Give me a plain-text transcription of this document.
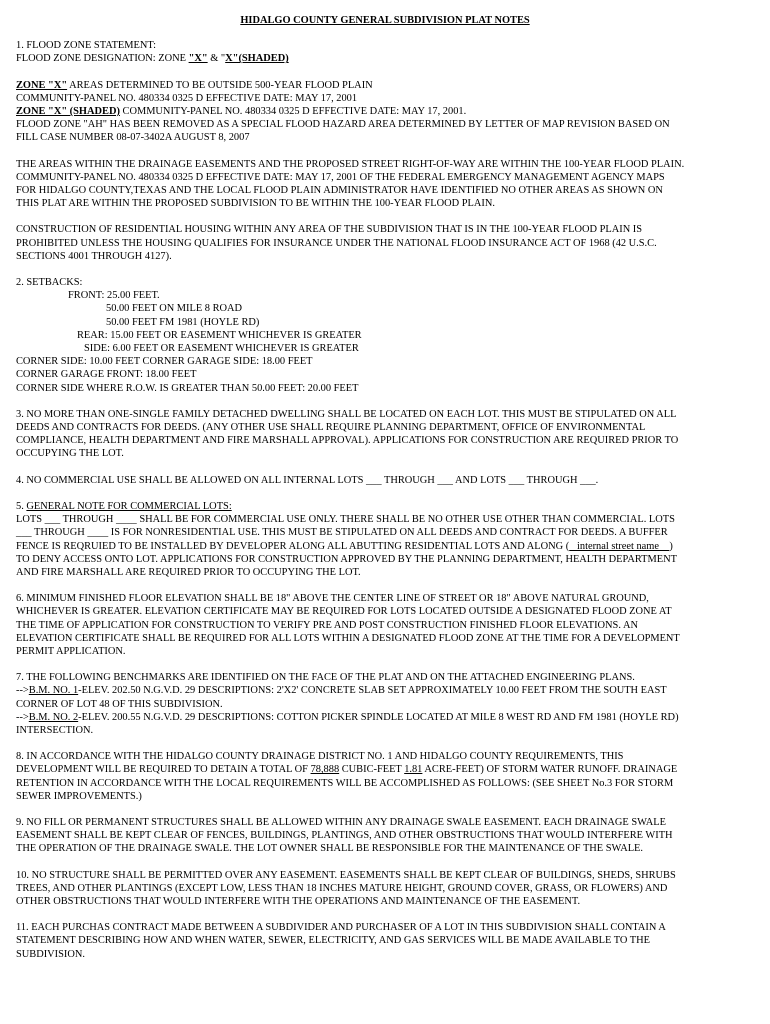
HIDALGO COUNTY GENERAL SUBDIVISION PLAT NOTES
1. FLOOD ZONE STATEMENT:
FLOOD ZONE DESIGNATION: ZONE "X" & "X"(SHADED)
ZONE "X" AREAS DETERMINED TO BE OUTSIDE 500-YEAR FLOOD PLAIN
COMMUNITY-PANEL NO. 480334 0325 D EFFECTIVE DATE: MAY 17, 2001
ZONE "X" (SHADED) COMMUNITY-PANEL NO. 480334 0325 D EFFECTIVE DATE: MAY 17, 2001.
FLOOD ZONE "AH" HAS BEEN REMOVED AS A SPECIAL FLOOD HAZARD AREA DETERMINED BY LETTER OF MAP REVISION BASED ON
FILL CASE NUMBER 08-07-3402A AUGUST 8, 2007
THE AREAS WITHIN THE DRAINAGE EASEMENTS AND THE PROPOSED STREET RIGHT-OF-WAY ARE WITHIN THE 100-YEAR FLOOD PLAIN.
COMMUNITY-PANEL NO. 480334 0325 D EFFECTIVE DATE: MAY 17, 2001 OF THE FEDERAL EMERGENCY MANAGEMENT AGENCY MAPS
FOR HIDALGO COUNTY,TEXAS AND THE LOCAL FLOOD PLAIN ADMINISTRATOR HAVE IDENTIFIED NO OTHER AREAS AS SHOWN ON
THIS PLAT ARE WITHIN THE PROPOSED SUBDIVISION TO BE WITHIN THE 100-YEAR FLOOD PLAIN.
CONSTRUCTION OF RESIDENTIAL HOUSING WITHIN ANY AREA OF THE SUBDIVISION THAT IS IN THE 100-YEAR FLOOD PLAIN IS
PROHIBITED UNLESS THE HOUSING QUALIFIES FOR INSURANCE UNDER THE NATIONAL FLOOD INSURANCE ACT OF 1968 (42 U.S.C.
SECTIONS 4001 THROUGH 4127).
2. SETBACKS:
FRONT: 25.00 FEET.
50.00 FEET ON MILE 8 ROAD
50.00 FEET FM 1981 (HOYLE RD)
REAR: 15.00 FEET OR EASEMENT WHICHEVER IS GREATER
SIDE: 6.00 FEET OR EASEMENT WHICHEVER IS GREATER
CORNER SIDE: 10.00 FEET CORNER GARAGE SIDE: 18.00 FEET
CORNER GARAGE FRONT: 18.00 FEET
CORNER SIDE WHERE R.O.W. IS GREATER THAN 50.00 FEET: 20.00 FEET
3. NO MORE THAN ONE-SINGLE FAMILY DETACHED DWELLING SHALL BE LOCATED ON EACH LOT. THIS MUST BE STIPULATED ON ALL
DEEDS AND CONTRACTS FOR DEEDS. (ANY OTHER USE SHALL REQUIRE PLANNING DEPARTMENT, OFFICE OF ENVIRONMENTAL
COMPLIANCE, HEALTH DEPARTMENT AND FIRE MARSHALL APPROVAL). APPLICATIONS FOR CONSTRUCTION ARE REQUIRED PRIOR TO
OCCUPYING THE LOT.
4. NO COMMERCIAL USE SHALL BE ALLOWED ON ALL INTERNAL LOTS ___ THROUGH ___ AND LOTS ___ THROUGH ___.
5. GENERAL NOTE FOR COMMERCIAL LOTS:
LOTS ___ THROUGH ____ SHALL BE FOR COMMERCIAL USE ONLY. THERE SHALL BE NO OTHER USE OTHER THAN COMMERCIAL. LOTS
___ THROUGH ____ IS FOR NONRESIDENTIAL USE. THIS MUST BE STIPULATED ON ALL DEEDS AND CONTRACT FOR DEEDS. A BUFFER
FENCE IS REQRUIED TO BE INSTALLED BY DEVELOPER ALONG ALL ABUTTING RESIDENTIAL LOTS AND ALONG (   internal street name    )
TO DENY ACCESS ONTO LOT. APPLICATIONS FOR CONSTRUCTION APPROVED BY THE PLANNING DEPARTMENT, HEALTH DEPARTMENT
AND FIRE MARSHALL ARE REQUIRED PRIOR TO OCCUPYING THE LOT.
6. MINIMUM FINISHED FLOOR ELEVATION SHALL BE 18" ABOVE THE CENTER LINE OF STREET OR 18" ABOVE NATURAL GROUND,
WHICHEVER IS GREATER. ELEVATION CERTIFICATE MAY BE REQUIRED FOR LOTS LOCATED OUTSIDE A DESIGNATED FLOOD ZONE AT
THE TIME OF APPLICATION FOR CONSTRUCTION TO VERIFY PRE AND POST CONSTRUCTION FINISHED FLOOR ELEVATIONS. AN
ELEVATION CERTIFICATE SHALL BE REQUIRED FOR ALL LOTS WITHIN A DESIGNATED FLOOD ZONE AT THE TIME FOR A DEVELOPMENT
PERMIT APPLICATION.
7. THE FOLLOWING BENCHMARKS ARE IDENTIFIED ON THE FACE OF THE PLAT AND ON THE ATTACHED ENGINEERING PLANS.
-->B.M. NO. 1-ELEV. 202.50 N.G.V.D. 29 DESCRIPTIONS: 2'X2' CONCRETE SLAB SET APPROXIMATELY 10.00 FEET FROM THE SOUTH EAST
CORNER OF LOT 48 OF THIS SUBDIVISION.
-->B.M. NO. 2-ELEV. 200.55 N.G.V.D. 29 DESCRIPTIONS: COTTON PICKER SPINDLE LOCATED AT MILE 8 WEST RD AND FM 1981 (HOYLE RD)
INTERSECTION.
8. IN ACCORDANCE WITH THE HIDALGO COUNTY DRAINAGE DISTRICT NO. 1 AND HIDALGO COUNTY REQUIREMENTS, THIS
DEVELOPMENT WILL BE REQUIRED TO DETAIN A TOTAL OF 78,888 CUBIC-FEET 1.81 ACRE-FEET) OF STORM WATER RUNOFF. DRAINAGE
RETENTION IN ACCORDANCE WITH THE LOCAL REQUIREMENTS WILL BE ACCOMPLISHED AS FOLLOWS: (SEE SHEET No.3 FOR STORM
SEWER IMPROVEMENTS.)
9. NO FILL OR PERMANENT STRUCTURES SHALL BE ALLOWED WITHIN ANY DRAINAGE SWALE EASEMENT. EACH DRAINAGE SWALE
EASEMENT SHALL BE KEPT CLEAR OF FENCES, BUILDINGS, PLANTINGS, AND OTHER OBSTRUCTIONS THAT WOULD INTERFERE WITH
THE OPERATION OF THE DRAINAGE SWALE. THE LOT OWNER SHALL BE RESPONSIBLE FOR THE MAINTENANCE OF THE SWALE.
10. NO STRUCTURE SHALL BE PERMITTED OVER ANY EASEMENT. EASEMENTS SHALL BE KEPT CLEAR OF BUILDINGS, SHEDS, SHRUBS
TREES, AND OTHER PLANTINGS (EXCEPT LOW, LESS THAN 18 INCHES MATURE HEIGHT, GROUND COVER, GRASS, OR FLOWERS) AND
OTHER OBSTRUCTIONS THAT WOULD INTERFERE WITH THE OPERATIONS AND MAINTENANCE OF THE EASEMENT.
11. EACH PURCHAS CONTRACT MADE BETWEEN A SUBDIVIDER AND PURCHASER OF A LOT IN THIS SUBDIVISION SHALL CONTAIN A
STATEMENT DESCRIBING HOW AND WHEN WATER, SEWER, ELECTRICITY, AND GAS SERVICES WILL BE MADE AVAILABLE TO THE
SUBDIVISION.
